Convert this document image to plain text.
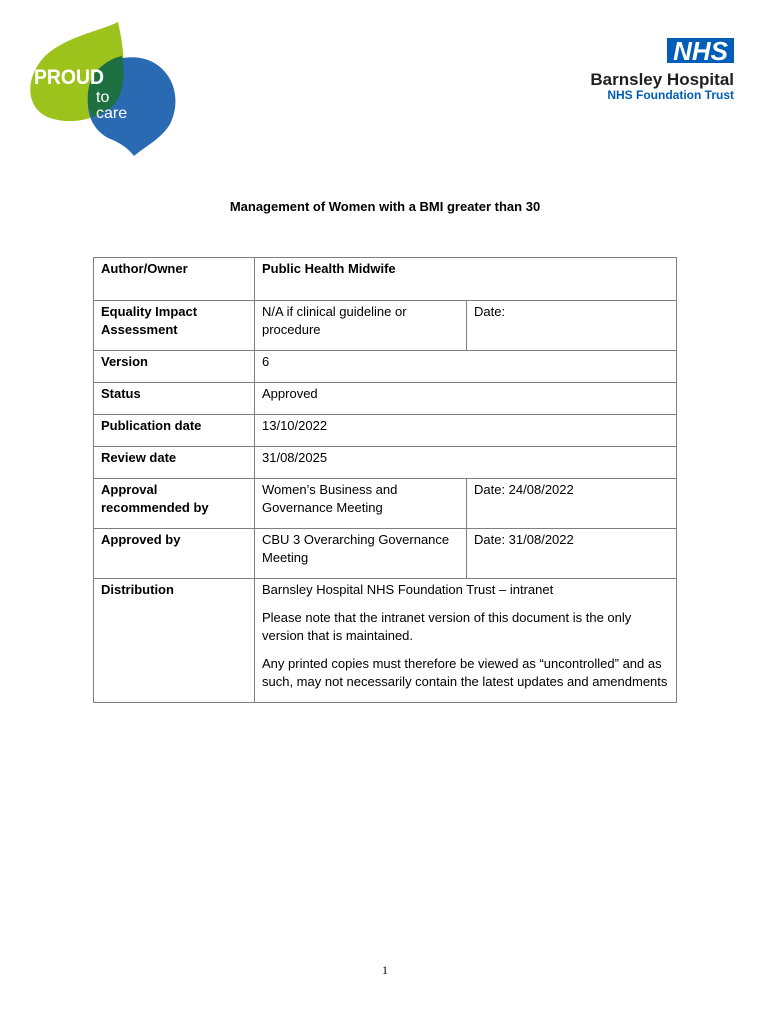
PROUD
to
care
NHS
Barnsley Hospital
NHS Foundation Trust
Management of Women with a BMI greater than 30
Author/Owner	Public Health Midwife	
Equality Impact Assessment	N/A if clinical guideline or procedure	Date:
Version	6	
Status	Approved	
Publication date	13/10/2022	
Review date	31/08/2025	
Approval recommended by	Women’s Business and Governance Meeting	Date: 24/08/2022
Approved by	CBU 3 Overarching Governance Meeting	Date: 31/08/2022
Distribution	Barnsley Hospital NHS Foundation Trust – intranet

Please note that the intranet version of this document is the only version that is maintained.

Any printed copies must therefore be viewed as “uncontrolled” and as such, may not necessarily contain the latest updates and amendments	

1
